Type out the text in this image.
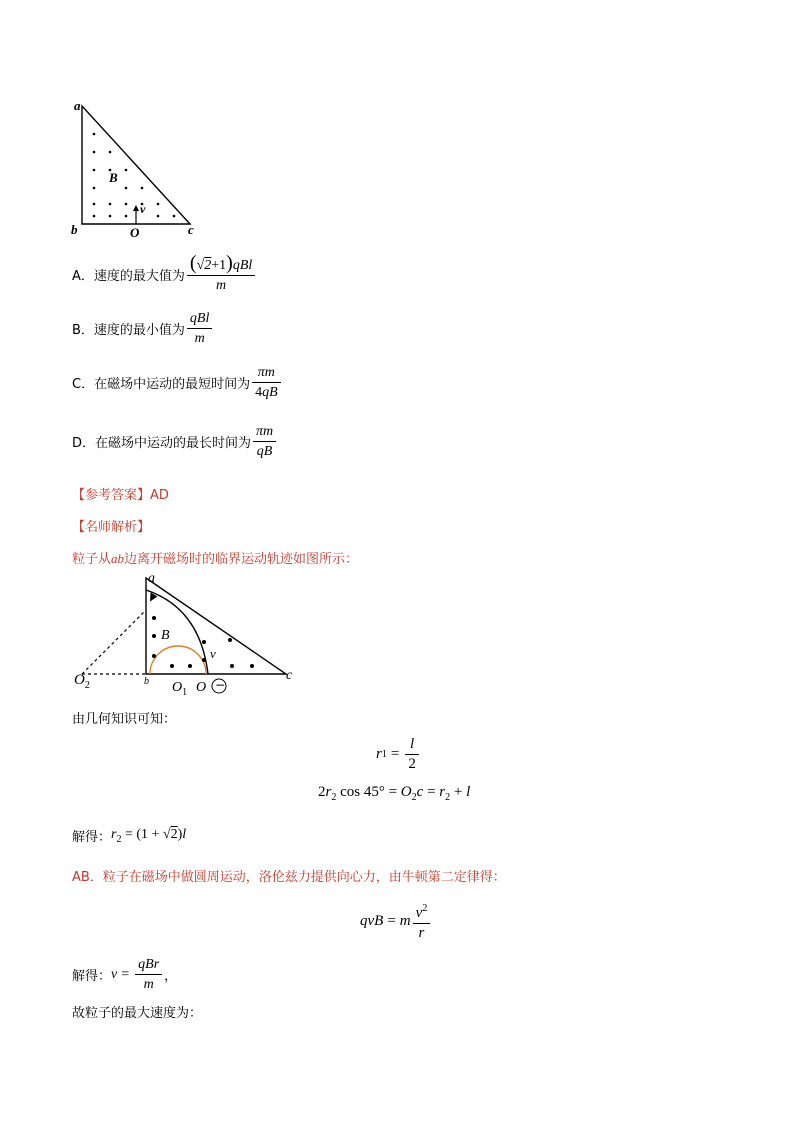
a
b	c
B
v
O
A．速度的最大值为 $\frac{\text{(√2+1)qBl}}{m}$
B．速度的最小值为 $\frac{\text{qBl}}{m}$
C．在磁场中运动的最短时间为 $\frac{\pi m}{4qB}$
D．在磁场中运动的最长时间为 $\frac{\pi m}{qB}$
【参考答案】AD
【名师解析】
粒子从ab边离开磁场时的临界运动轨迹如图所示：
a
B
v
c
b
$O_2$	$O_1$ O −
由几何知识可知：
r $1 = \frac{l}{2}$
$2r_2$ $\cos 45^\circ = O_2c = r_2 + l$
解得： $r_2 = (1 + √2)l$
AB．粒子在磁场中做圆周运动，洛伦兹力提供向心力，由牛顿第二定律得：
qvB = m $\frac{v^2}{r}$
解得： $v = \frac{\text{qBr}}{m}$ ，
故粒子的最大速度为：
